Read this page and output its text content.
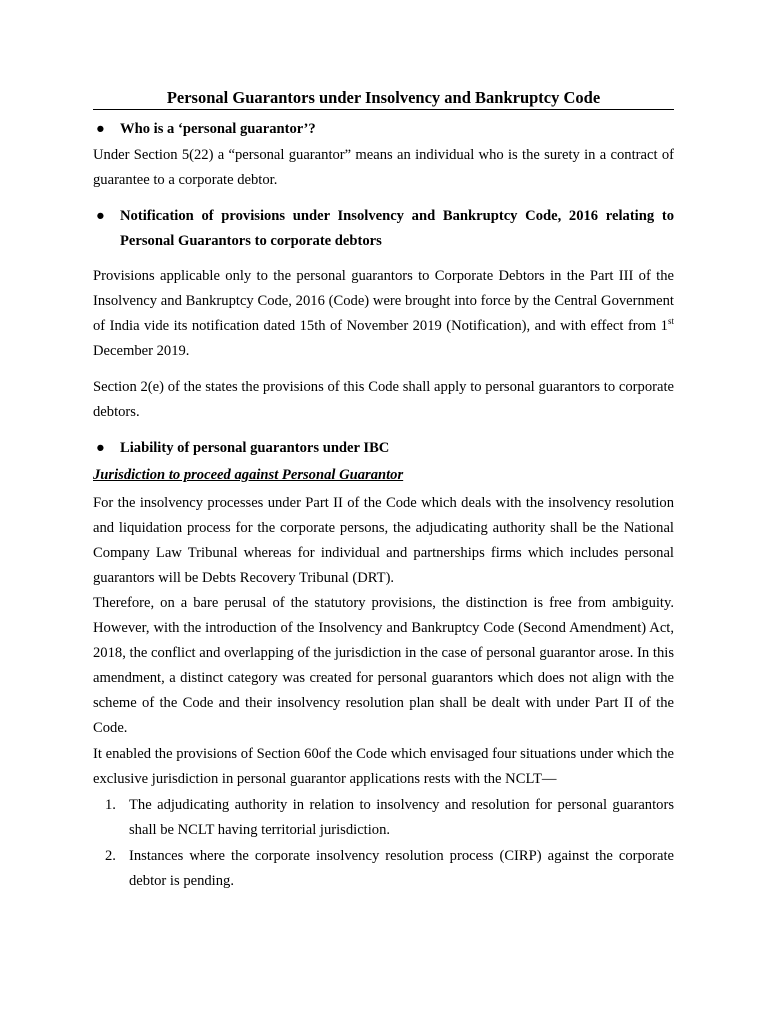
Personal Guarantors under Insolvency and Bankruptcy Code
●	Who is a ‘personal guarantor’?

Under Section 5(22) a “personal guarantor” means an individual who is the surety in a contract of guarantee to a corporate debtor.

●	Notification of provisions under Insolvency and Bankruptcy Code, 2016 relating to Personal Guarantors to corporate debtors

Provisions applicable only to the personal guarantors to Corporate Debtors in the Part III of the Insolvency and Bankruptcy Code, 2016 (Code) were brought into force by the Central Government of India vide its notification dated 15th of November 2019 (Notification), and with effect from 1st December 2019.

Section 2(e) of the states the provisions of this Code shall apply to personal guarantors to corporate debtors.

●	Liability of personal guarantors under IBC

Jurisdiction to proceed against Personal Guarantor

For the insolvency processes under Part II of the Code which deals with the insolvency resolution and liquidation process for the corporate persons, the adjudicating authority shall be the National Company Law Tribunal whereas for individual and partnerships firms which includes personal guarantors will be Debts Recovery Tribunal (DRT).

Therefore, on a bare perusal of the statutory provisions, the distinction is free from ambiguity. However, with the introduction of the Insolvency and Bankruptcy Code (Second Amendment) Act, 2018, the conflict and overlapping of the jurisdiction in the case of personal guarantor arose. In this amendment, a distinct category was created for personal guarantors which does not align with the scheme of the Code and their insolvency resolution plan shall be dealt with under Part II of the Code.

It enabled the provisions of Section 60of the Code which envisaged four situations under which the exclusive jurisdiction in personal guarantor applications rests with the NCLT—

1. The adjudicating authority in relation to insolvency and resolution for personal guarantors shall be NCLT having territorial jurisdiction.
2. Instances where the corporate insolvency resolution process (CIRP) against the corporate debtor is pending.
